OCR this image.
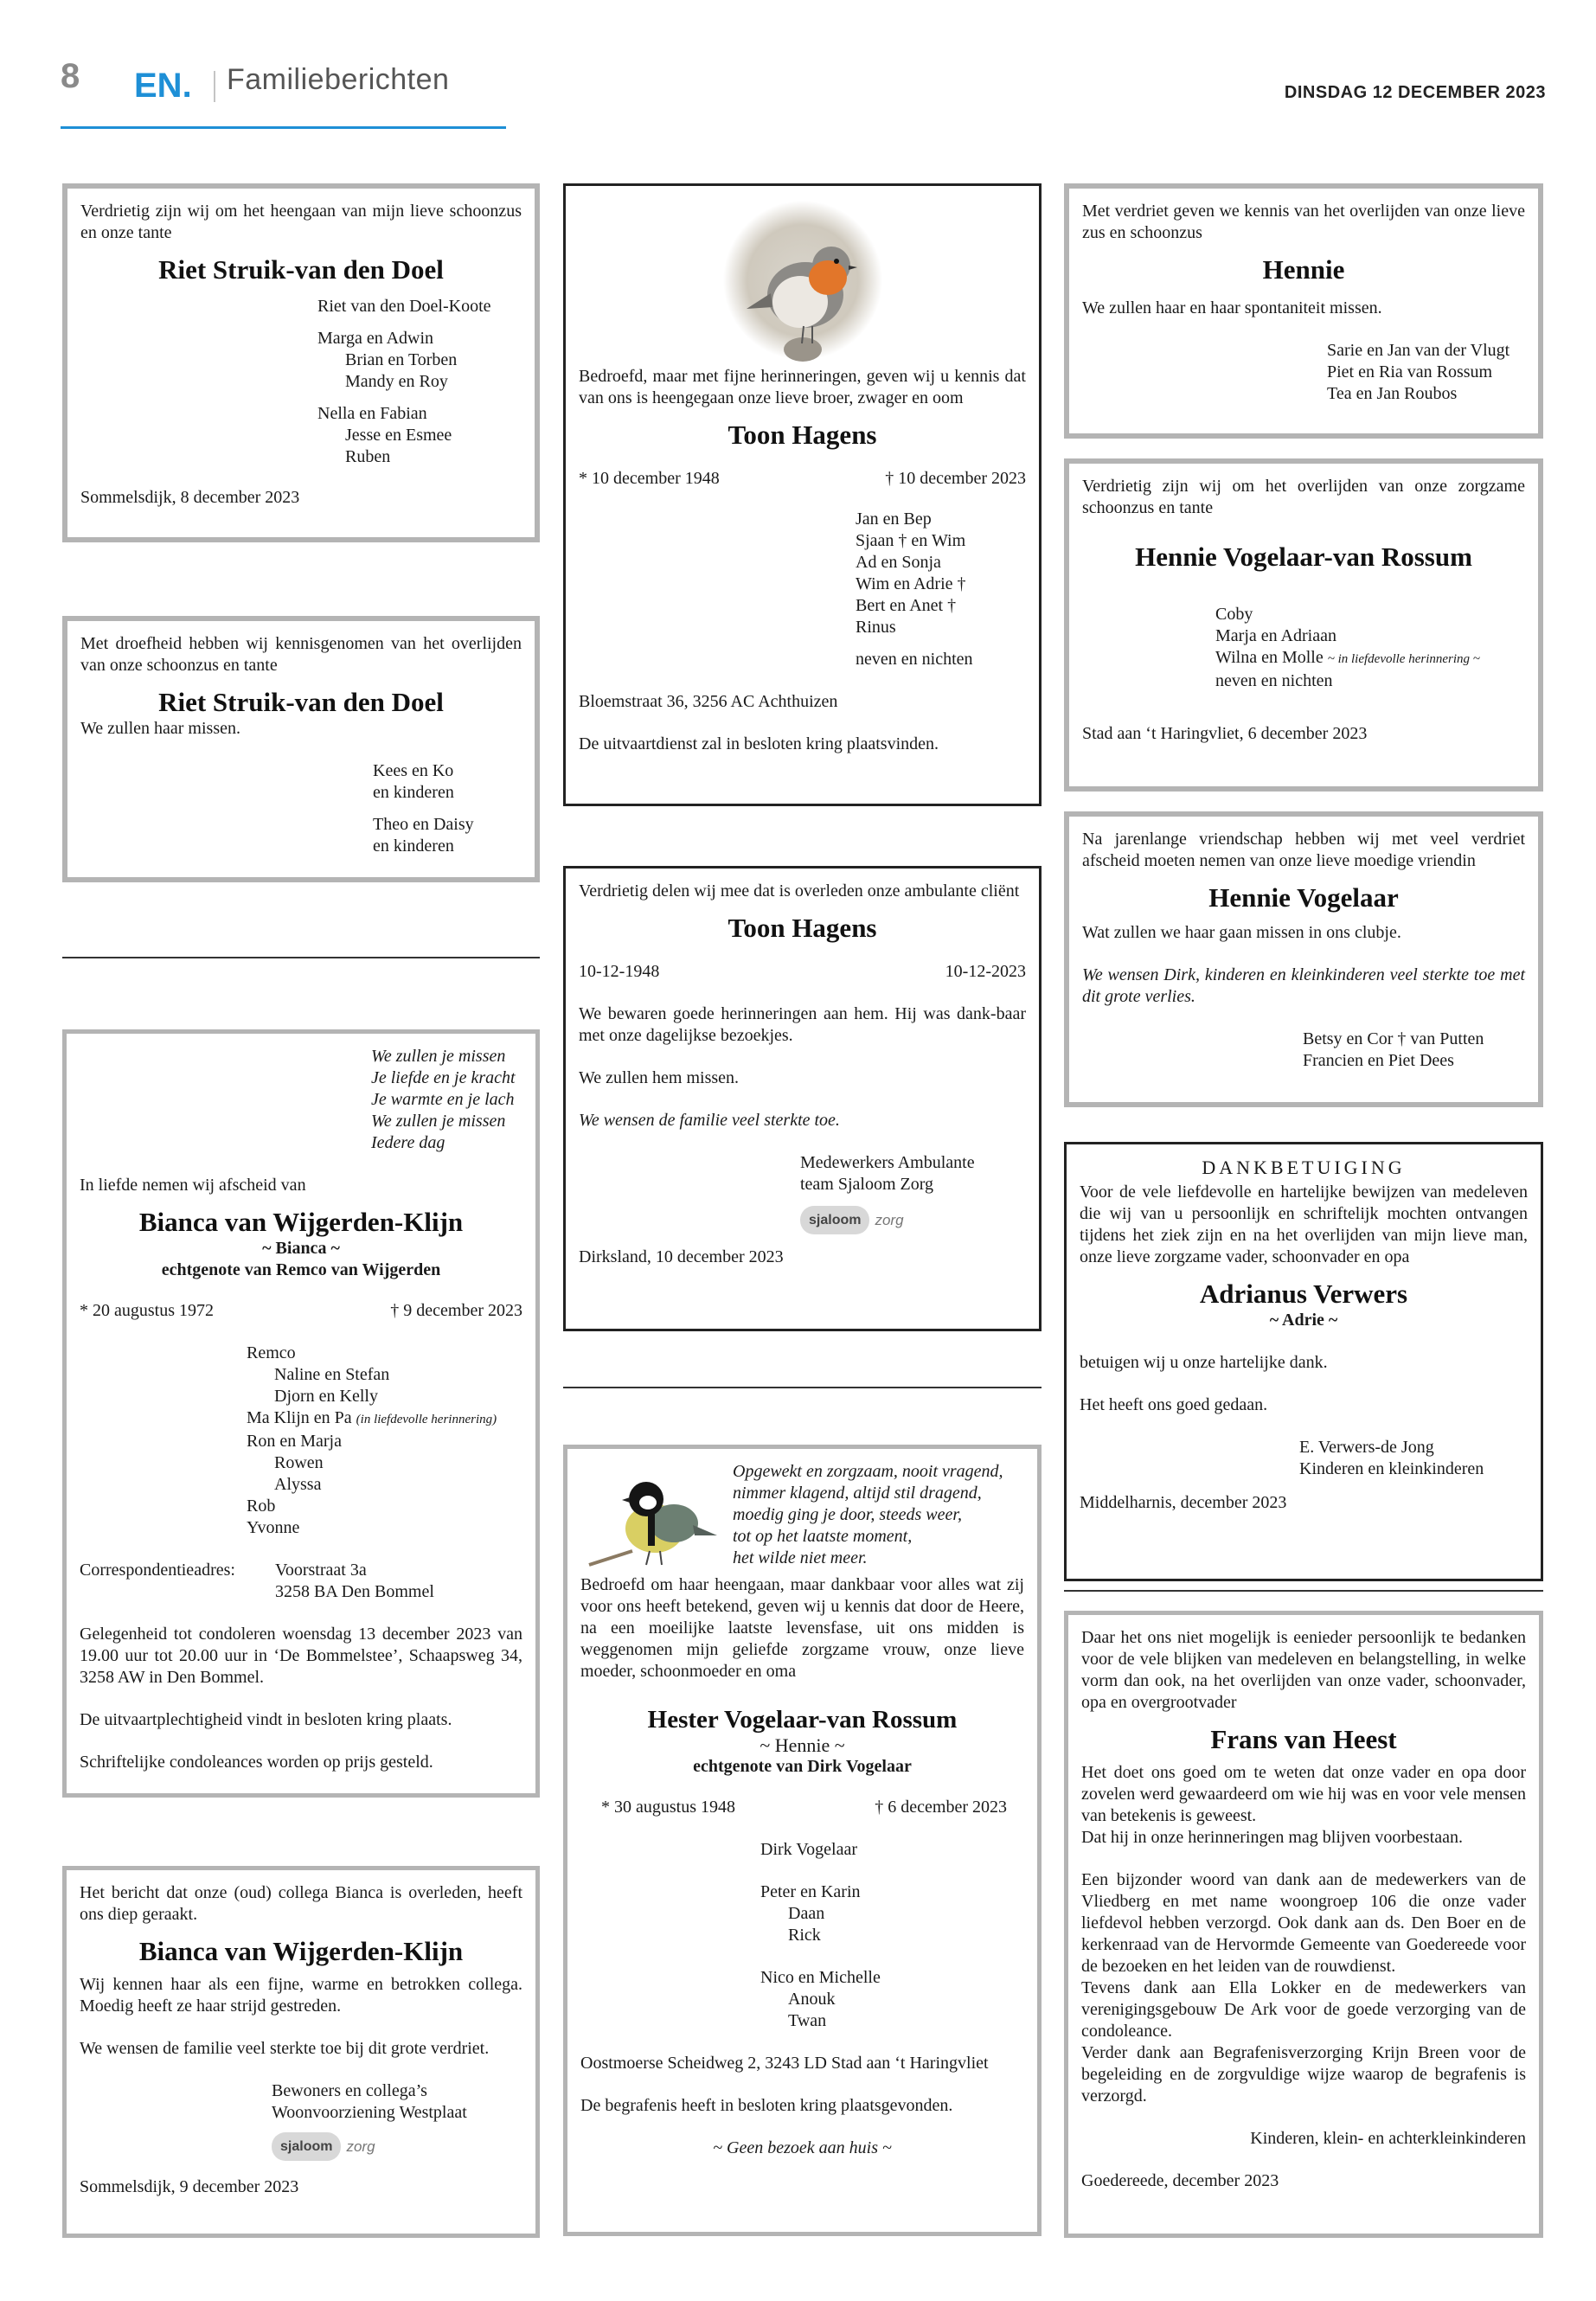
8 EN. Familieberichten	DINSDAG 12 DECEMBER 2023

Verdrietig zijn wij om het heengaan van mijn lieve schoonzus en onze tante

Riet Struik-van den Doel

Riet van den Doel-Koote

Marga en Adwin

Brian en Torben

Mandy en Roy

Nella en Fabian

Jesse en Esmee

Ruben

Sommelsdijk, 8 december 2023

Met droefheid hebben wij kennisgenomen van het overlijden van onze schoonzus en tante

Riet Struik-van den Doel

We zullen haar missen.

Kees en Ko

en kinderen

Theo en Daisy

en kinderen

We zullen je missen

Je liefde en je kracht

Je warmte en je lach

We zullen je missen

Iedere dag

In liefde nemen wij afscheid van

Bianca van Wijgerden-Klijn

~ Bianca ~

echtgenote van Remco van Wijgerden

* 20 augustus 1972	† 9 december 2023

Remco

Naline en Stefan

Djorn en Kelly

Ma Klijn en Pa (in liefdevolle herinnering)

Ron en Marja

Rowen

Alyssa

Rob

Yvonne

Correspondentieadres:	Voorstraat 3a

3258 BA Den Bommel

Gelegenheid tot condoleren woensdag 13 december 2023 van 19.00 uur tot 20.00 uur in ‘De Bommelstee’, Schaapsweg 34, 3258 AW in Den Bommel.

De uitvaartplechtigheid vindt in besloten kring plaats.

Schriftelijke condoleances worden op prijs gesteld.

Het bericht dat onze (oud) collega Bianca is overleden, heeft ons diep geraakt.

Bianca van Wijgerden-Klijn

Wij kennen haar als een fijne, warme en betrokken collega. Moedig heeft ze haar strijd gestreden.

We wensen de familie veel sterkte toe bij dit grote verdriet.

Bewoners en collega’s

Woonvoorziening Westplaat

sjaloom zorg

Sommelsdijk, 9 december 2023

Bedroefd, maar met fijne herinneringen, geven wij u kennis dat van ons is heengegaan onze lieve broer, zwager en oom

Toon Hagens

* 10 december 1948	† 10 december 2023

Jan en Bep

Sjaan † en Wim

Ad en Sonja

Wim en Adrie †

Bert en Anet †

Rinus

neven en nichten

Bloemstraat 36, 3256 AC Achthuizen

De uitvaartdienst zal in besloten kring plaatsvinden.

Verdrietig delen wij mee dat is overleden onze ambulante cliënt

Toon Hagens

10-12-1948	10-12-2023

We bewaren goede herinneringen aan hem. Hij was dank-baar met onze dagelijkse bezoekjes.

We zullen hem missen.

We wensen de familie veel sterkte toe.

Medewerkers Ambulante

team Sjaloom Zorg

sjaloom zorg

Dirksland, 10 december 2023

Opgewekt en zorgzaam, nooit vragend,

nimmer klagend, altijd stil dragend,

moedig ging je door, steeds weer,

tot op het laatste moment,

het wilde niet meer.

Bedroefd om haar heengaan, maar dankbaar voor alles wat zij voor ons heeft betekend, geven wij u kennis dat door de Heere, na een moeilijke laatste levensfase, uit ons midden is weggenomen mijn geliefde zorgzame vrouw, onze lieve moeder, schoonmoeder en oma

Hester Vogelaar-van Rossum

~ Hennie ~

echtgenote van Dirk Vogelaar

* 30 augustus 1948	† 6 december 2023

Dirk Vogelaar

Peter en Karin

Daan

Rick

Nico en Michelle

Anouk

Twan

Oostmoerse Scheidweg 2, 3243 LD Stad aan ‘t Haringvliet

De begrafenis heeft in besloten kring plaatsgevonden.

~ Geen bezoek aan huis ~

Met verdriet geven we kennis van het overlijden van onze lieve zus en schoonzus

Hennie

We zullen haar en haar spontaniteit missen.

Sarie en Jan van der Vlugt

Piet en Ria van Rossum

Tea en Jan Roubos

Verdrietig zijn wij om het overlijden van onze zorgzame schoonzus en tante

Hennie Vogelaar-van Rossum

Coby

Marja en Adriaan

Wilna en Molle ~ in liefdevolle herinnering ~

neven en nichten

Stad aan ‘t Haringvliet, 6 december 2023

Na jarenlange vriendschap hebben wij met veel verdriet afscheid moeten nemen van onze lieve moedige vriendin

Hennie Vogelaar

Wat zullen we haar gaan missen in ons clubje.

We wensen Dirk, kinderen en kleinkinderen veel sterkte toe met dit grote verlies.

Betsy en Cor † van Putten

Francien en Piet Dees

DANKBETUIGING

Voor de vele liefdevolle en hartelijke bewijzen van medeleven die wij van u persoonlijk en schriftelijk mochten ontvangen tijdens het ziek zijn en na het overlijden van mijn lieve man, onze lieve zorgzame vader, schoonvader en opa

Adrianus Verwers

~ Adrie ~

betuigen wij u onze hartelijke dank.

Het heeft ons goed gedaan.

E. Verwers-de Jong

Kinderen en kleinkinderen

Middelharnis, december 2023

Daar het ons niet mogelijk is eenieder persoonlijk te bedanken voor de vele blijken van medeleven en belangstelling, in welke vorm dan ook, na het overlijden van onze vader, schoonvader, opa en overgrootvader

Frans van Heest

Het doet ons goed om te weten dat onze vader en opa door zovelen werd gewaardeerd om wie hij was en voor vele mensen van betekenis is geweest.

Dat hij in onze herinneringen mag blijven voorbestaan.

Een bijzonder woord van dank aan de medewerkers van de Vliedberg en met name woongroep 106 die onze vader liefdevol hebben verzorgd. Ook dank aan ds. Den Boer en de kerkenraad van de Hervormde Gemeente van Goedereede voor de bezoeken en het leiden van de rouwdienst.

Tevens dank aan Ella Lokker en de medewerkers van verenigingsgebouw De Ark voor de goede verzorging van de condoleance.

Verder dank aan Begrafenisverzorging Krijn Breen voor de begeleiding en de zorgvuldige wijze waarop de begrafenis is verzorgd.

Kinderen, klein- en achterkleinkinderen

Goedereede, december 2023
